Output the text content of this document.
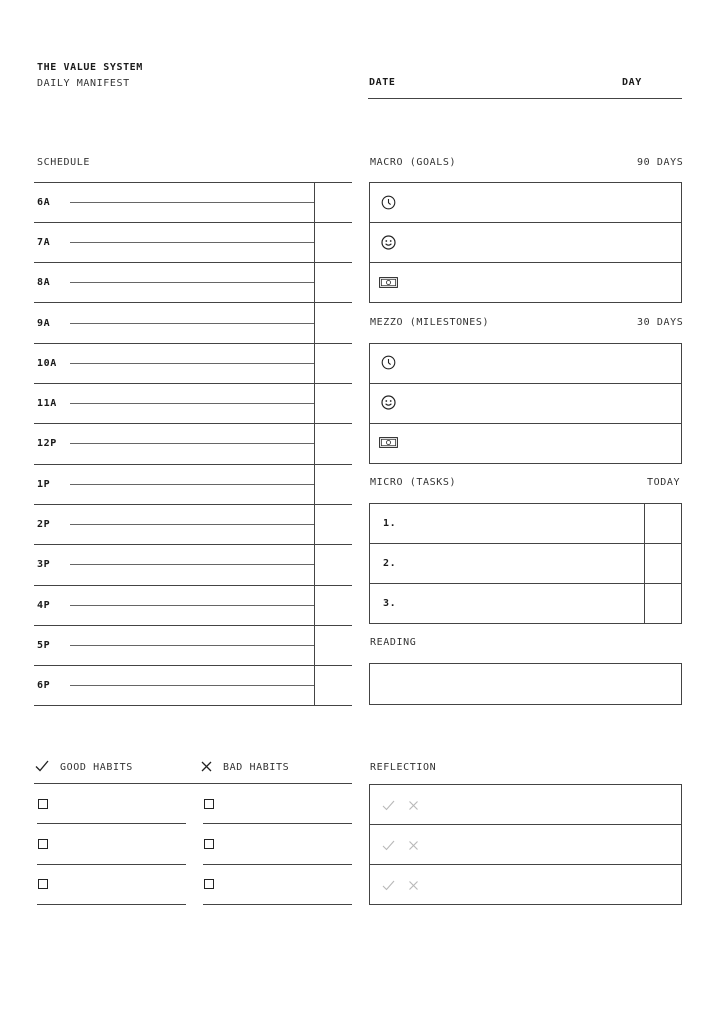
THE VALUE SYSTEM
DAILY MANIFEST	DATE	DAY
SCHEDULE
6A
7A
8A
9A
10A
11A
12P
1P
2P
3P
4P
5P
6P
MACRO (GOALS)	90 DAYS
MEZZO (MILESTONES)	30 DAYS
MICRO (TASKS)	TODAY
1.
2.
3.
READING
GOOD HABITS	BAD HABITS	REFLECTION
